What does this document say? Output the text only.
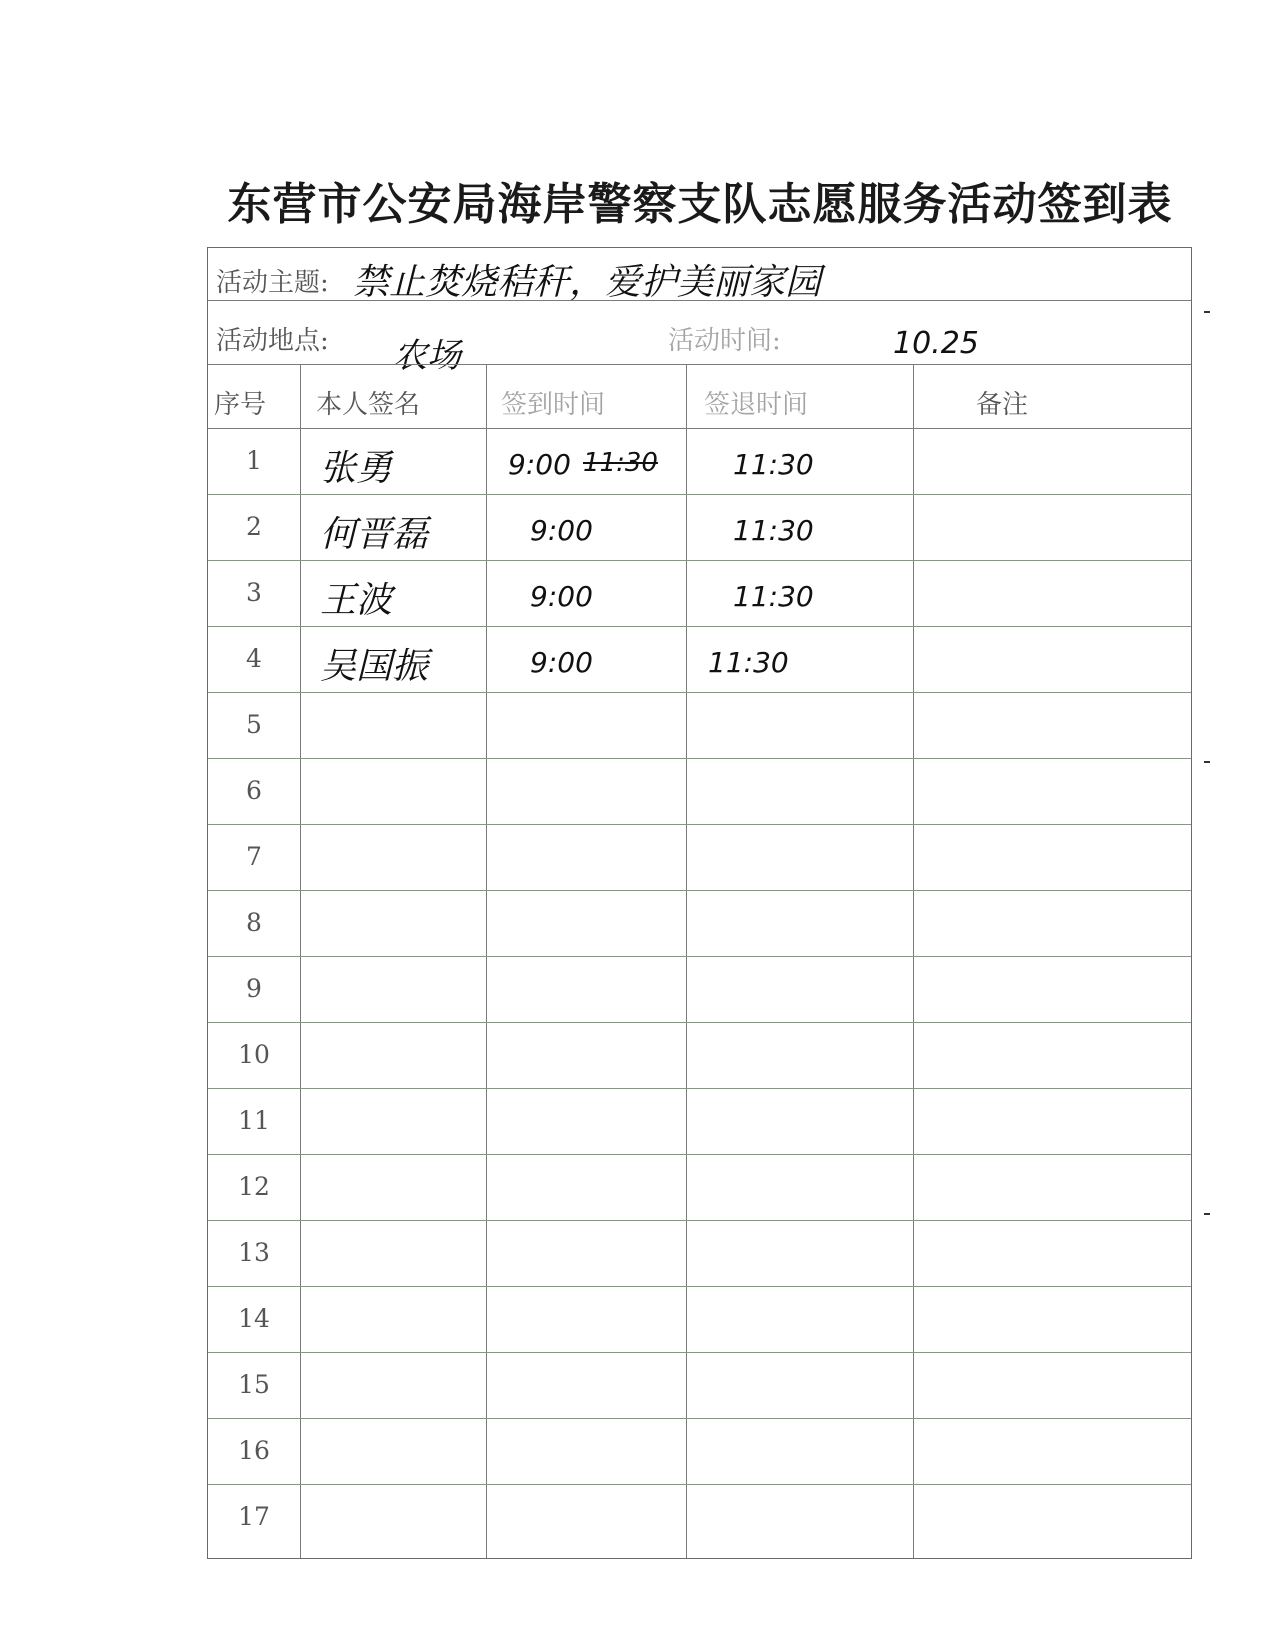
东营市公安局海岸警察支队志愿服务活动签到表
活动主题: 禁止焚烧秸秆，爱护美丽家园
活动地点: 农场	活动时间:	10.25
序号 本人签名	签到时间	签退时间	备注
1	张勇	9:00 11:30	11:30
2	何晋磊	9:00	11:30
3	王波	9:00	11:30
4	吴国振	9:00	11:30
5
6
7
8
9
10
11
12
13
14
15
16
17
